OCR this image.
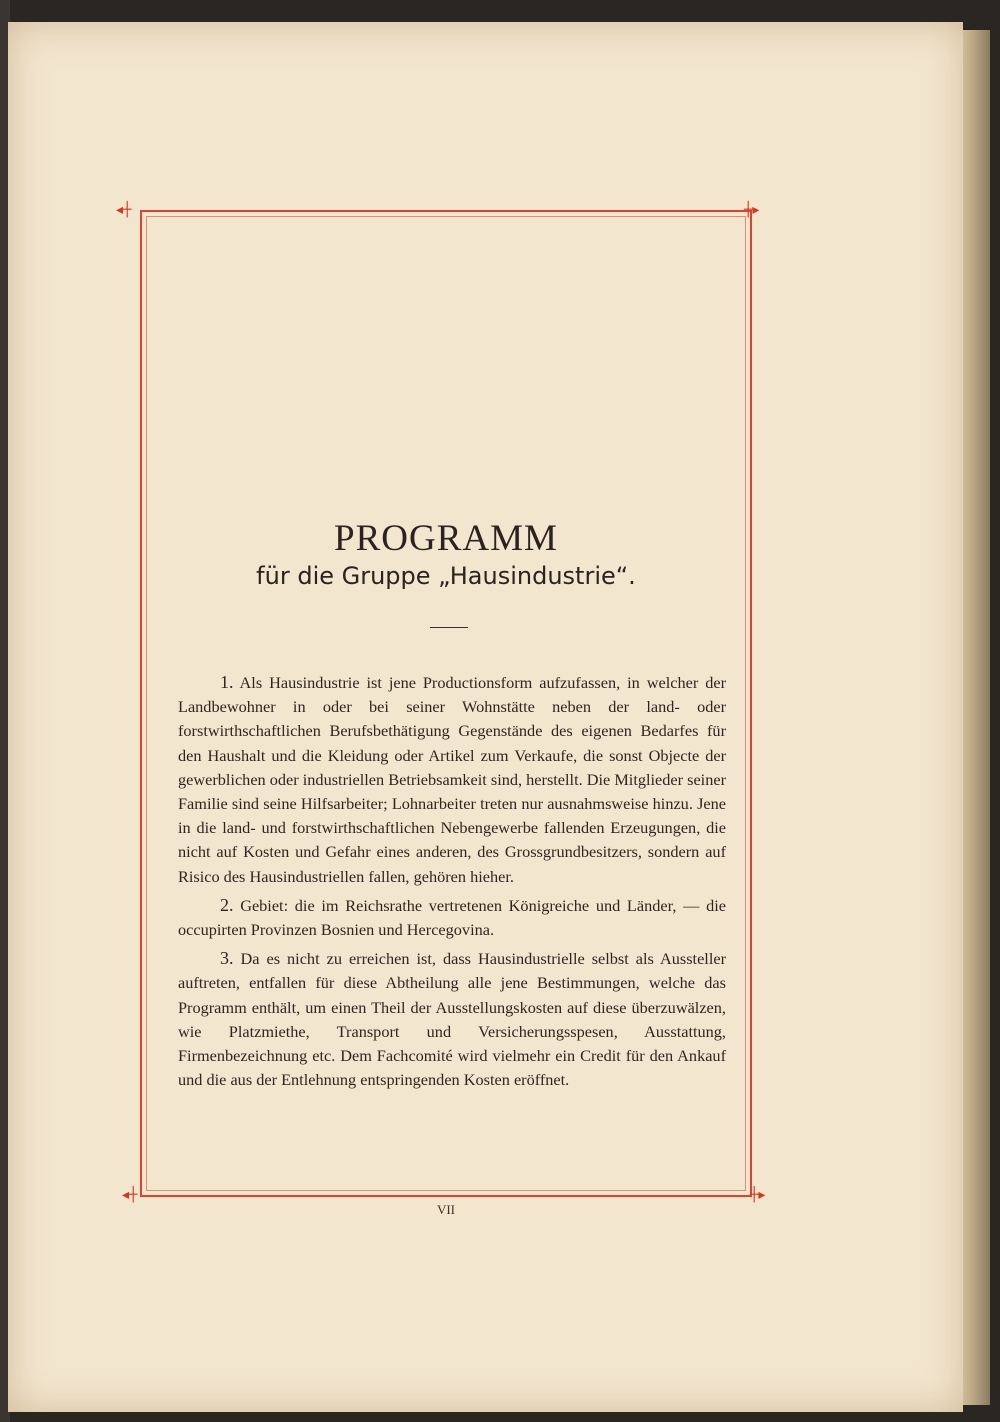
◂┼	┼▸
◂┼	┼▸
PROGRAMM
für die Gruppe „Hausindustrie“.

1. Als Hausindustrie ist jene Productionsform aufzufassen, in welcher der Landbewohner in oder bei seiner Wohnstätte neben der land- oder forstwirthschaftlichen Berufsbethätigung Gegenstände des eigenen Bedarfes für den Haushalt und die Kleidung oder Artikel zum Verkaufe, die sonst Objecte der gewerblichen oder industriellen Betriebsamkeit sind, herstellt. Die Mitglieder seiner Familie sind seine Hilfsarbeiter; Lohnarbeiter treten nur ausnahmsweise hinzu. Jene in die land- und forstwirthschaftlichen Nebengewerbe fallenden Erzeugungen, die nicht auf Kosten und Gefahr eines anderen, des Grossgrundbesitzers, sondern auf Risico des Hausindustriellen fallen, gehören hieher.

2. Gebiet: die im Reichsrathe vertretenen Königreiche und Länder, — die occupirten Provinzen Bosnien und Hercegovina.

3. Da es nicht zu erreichen ist, dass Hausindustrielle selbst als Aussteller auftreten, entfallen für diese Abtheilung alle jene Bestimmungen, welche das Programm enthält, um einen Theil der Ausstellungskosten auf diese überzuwälzen, wie Platzmiethe, Transport und Versicherungsspesen, Ausstattung, Firmenbezeichnung etc. Dem Fachcomité wird vielmehr ein Credit für den Ankauf und die aus der Entlehnung entspringenden Kosten eröffnet.

VII
